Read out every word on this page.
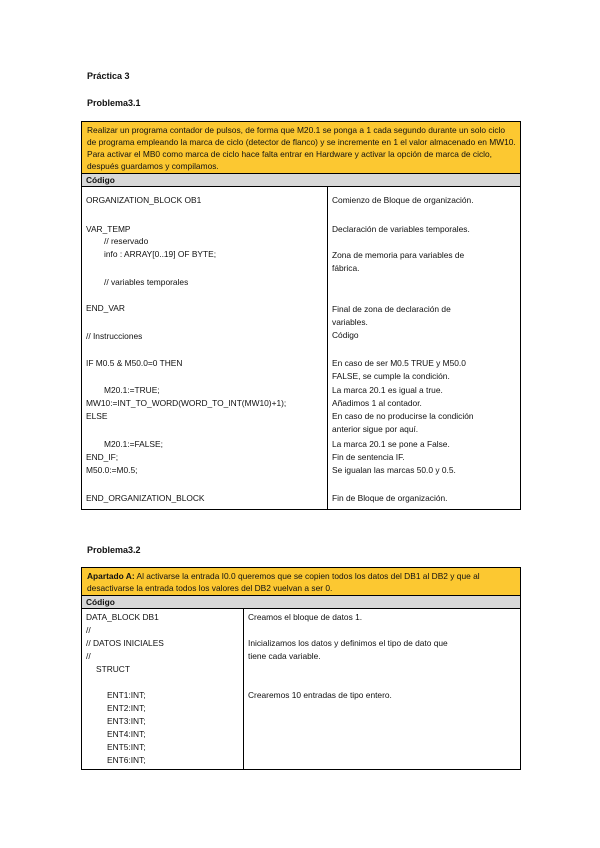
Práctica 3
Problema3.1
Realizar un programa contador de pulsos, de forma que M20.1 se ponga a 1 cada segundo durante un solo ciclo de programa empleando la marca de ciclo (detector de flanco) y se incremente en 1 el valor almacenado en MW10. Para activar el MB0 como marca de ciclo hace falta entrar en Hardware y activar la opción de marca de ciclo, después guardamos y compilamos.
Código
ORGANIZATION_BLOCK OB1
VAR_TEMP
// reservado
info : ARRAY[0..19] OF BYTE;
// variables temporales
END_VAR
// Instrucciones
IF M0.5 & M50.0=0 THEN
M20.1:=TRUE;
MW10:=INT_TO_WORD(WORD_TO_INT(MW10)+1);
ELSE
M20.1:=FALSE;
END_IF;
M50.0:=M0.5;
END_ORGANIZATION_BLOCK
Comienzo de Bloque de organización.
Declaración de variables temporales.
Zona de memoria para variables de
fábrica.
Final de zona de declaración de
variables.
Código
En caso de ser M0.5 TRUE y M50.0
FALSE, se cumple la condición.
La marca 20.1 es igual a true.
Añadimos 1 al contador.
En caso de no producirse la condición
anterior sigue por aquí.
La marca 20.1 se pone a False.
Fin de sentencia IF.
Se igualan las marcas 50.0 y 0.5.
Fin de Bloque de organización.
Problema3.2
Apartado A: Al activarse la entrada I0.0 queremos que se copien todos los datos del DB1 al DB2 y que al desactivarse la entrada todos los valores del DB2 vuelvan a ser 0.
Código
DATA_BLOCK DB1
//
// DATOS INICIALES
//
STRUCT
ENT1:INT;
ENT2:INT;
ENT3:INT;
ENT4:INT;
ENT5:INT;
ENT6:INT;
Creamos el bloque de datos 1.
Inicializamos los datos y definimos el tipo de dato que
tiene cada variable.
Crearemos 10 entradas de tipo entero.
